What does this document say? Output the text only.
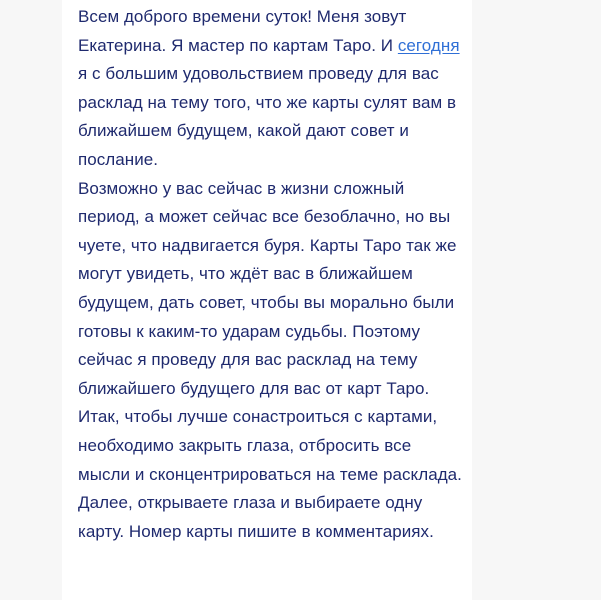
Всем доброго времени суток! Меня зовут Екатерина. Я мастер по картам Таро. И сегодня я с большим удовольствием проведу для вас расклад на тему того, что же карты сулят вам в ближайшем будущем, какой дают совет и послание.

Возможно у вас сейчас в жизни сложный период, а может сейчас все безоблачно, но вы чуете, что надвигается буря. Карты Таро так же могут увидеть, что ждёт вас в ближайшем будущем, дать совет, чтобы вы морально были готовы к каким-то ударам судьбы. Поэтому сейчас я проведу для вас расклад на тему ближайшего будущего для вас от карт Таро.

Итак, чтобы лучше сонастроиться с картами, необходимо закрыть глаза, отбросить все мысли и сконцентрироваться на теме расклада. Далее, открываете глаза и выбираете одну карту. Номер карты пишите в комментариях.
